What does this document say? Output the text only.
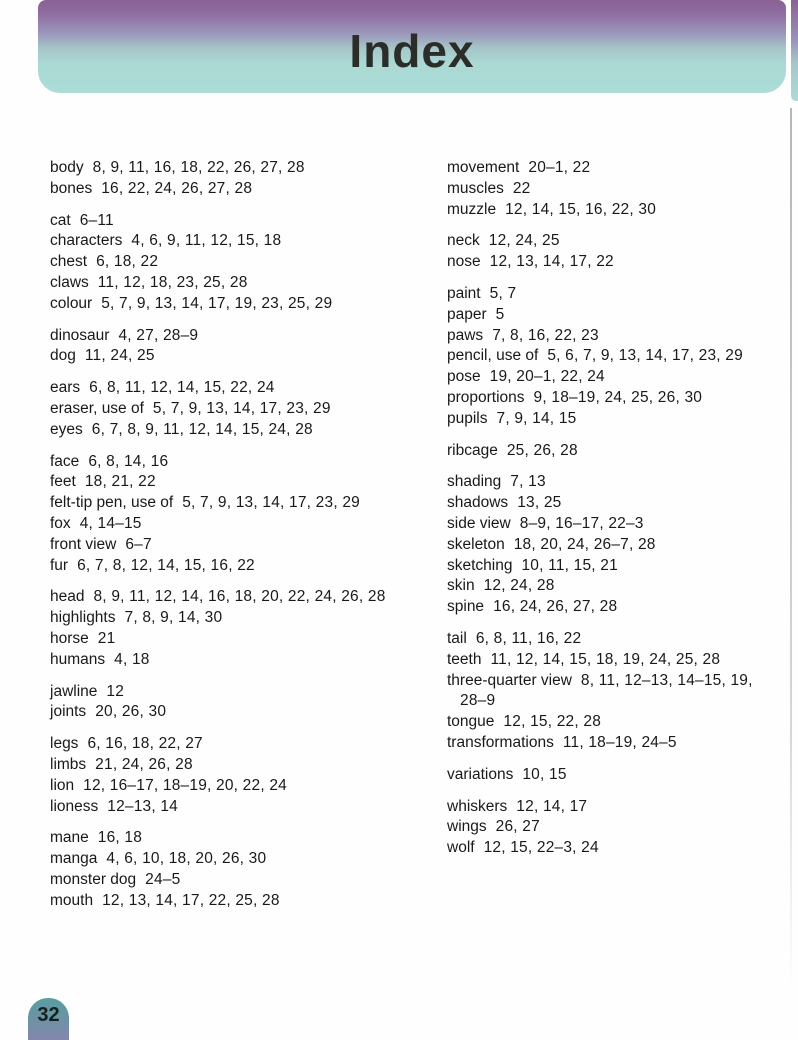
Index
body 8, 9, 11, 16, 18, 22, 26, 27, 28
bones 16, 22, 24, 26, 27, 28
cat 6–11
characters 4, 6, 9, 11, 12, 15, 18
chest 6, 18, 22
claws 11, 12, 18, 23, 25, 28
colour 5, 7, 9, 13, 14, 17, 19, 23, 25, 29
dinosaur 4, 27, 28–9
dog 11, 24, 25
ears 6, 8, 11, 12, 14, 15, 22, 24
eraser, use of 5, 7, 9, 13, 14, 17, 23, 29
eyes 6, 7, 8, 9, 11, 12, 14, 15, 24, 28
face 6, 8, 14, 16
feet 18, 21, 22
felt-tip pen, use of 5, 7, 9, 13, 14, 17, 23, 29
fox 4, 14–15
front view 6–7
fur 6, 7, 8, 12, 14, 15, 16, 22
head 8, 9, 11, 12, 14, 16, 18, 20, 22, 24, 26, 28
highlights 7, 8, 9, 14, 30
horse 21
humans 4, 18
jawline 12
joints 20, 26, 30
legs 6, 16, 18, 22, 27
limbs 21, 24, 26, 28
lion 12, 16–17, 18–19, 20, 22, 24
lioness 12–13, 14
mane 16, 18
manga 4, 6, 10, 18, 20, 26, 30
monster dog 24–5
mouth 12, 13, 14, 17, 22, 25, 28
movement 20–1, 22
muscles 22
muzzle 12, 14, 15, 16, 22, 30
neck 12, 24, 25
nose 12, 13, 14, 17, 22
paint 5, 7
paper 5
paws 7, 8, 16, 22, 23
pencil, use of 5, 6, 7, 9, 13, 14, 17, 23, 29
pose 19, 20–1, 22, 24
proportions 9, 18–19, 24, 25, 26, 30
pupils 7, 9, 14, 15
ribcage 25, 26, 28
shading 7, 13
shadows 13, 25
side view 8–9, 16–17, 22–3
skeleton 18, 20, 24, 26–7, 28
sketching 10, 11, 15, 21
skin 12, 24, 28
spine 16, 24, 26, 27, 28
tail 6, 8, 11, 16, 22
teeth 11, 12, 14, 15, 18, 19, 24, 25, 28
three-quarter view 8, 11, 12–13, 14–15, 19, 28–9
tongue 12, 15, 22, 28
transformations 11, 18–19, 24–5
variations 10, 15
whiskers 12, 14, 17
wings 26, 27
wolf 12, 15, 22–3, 24
32
